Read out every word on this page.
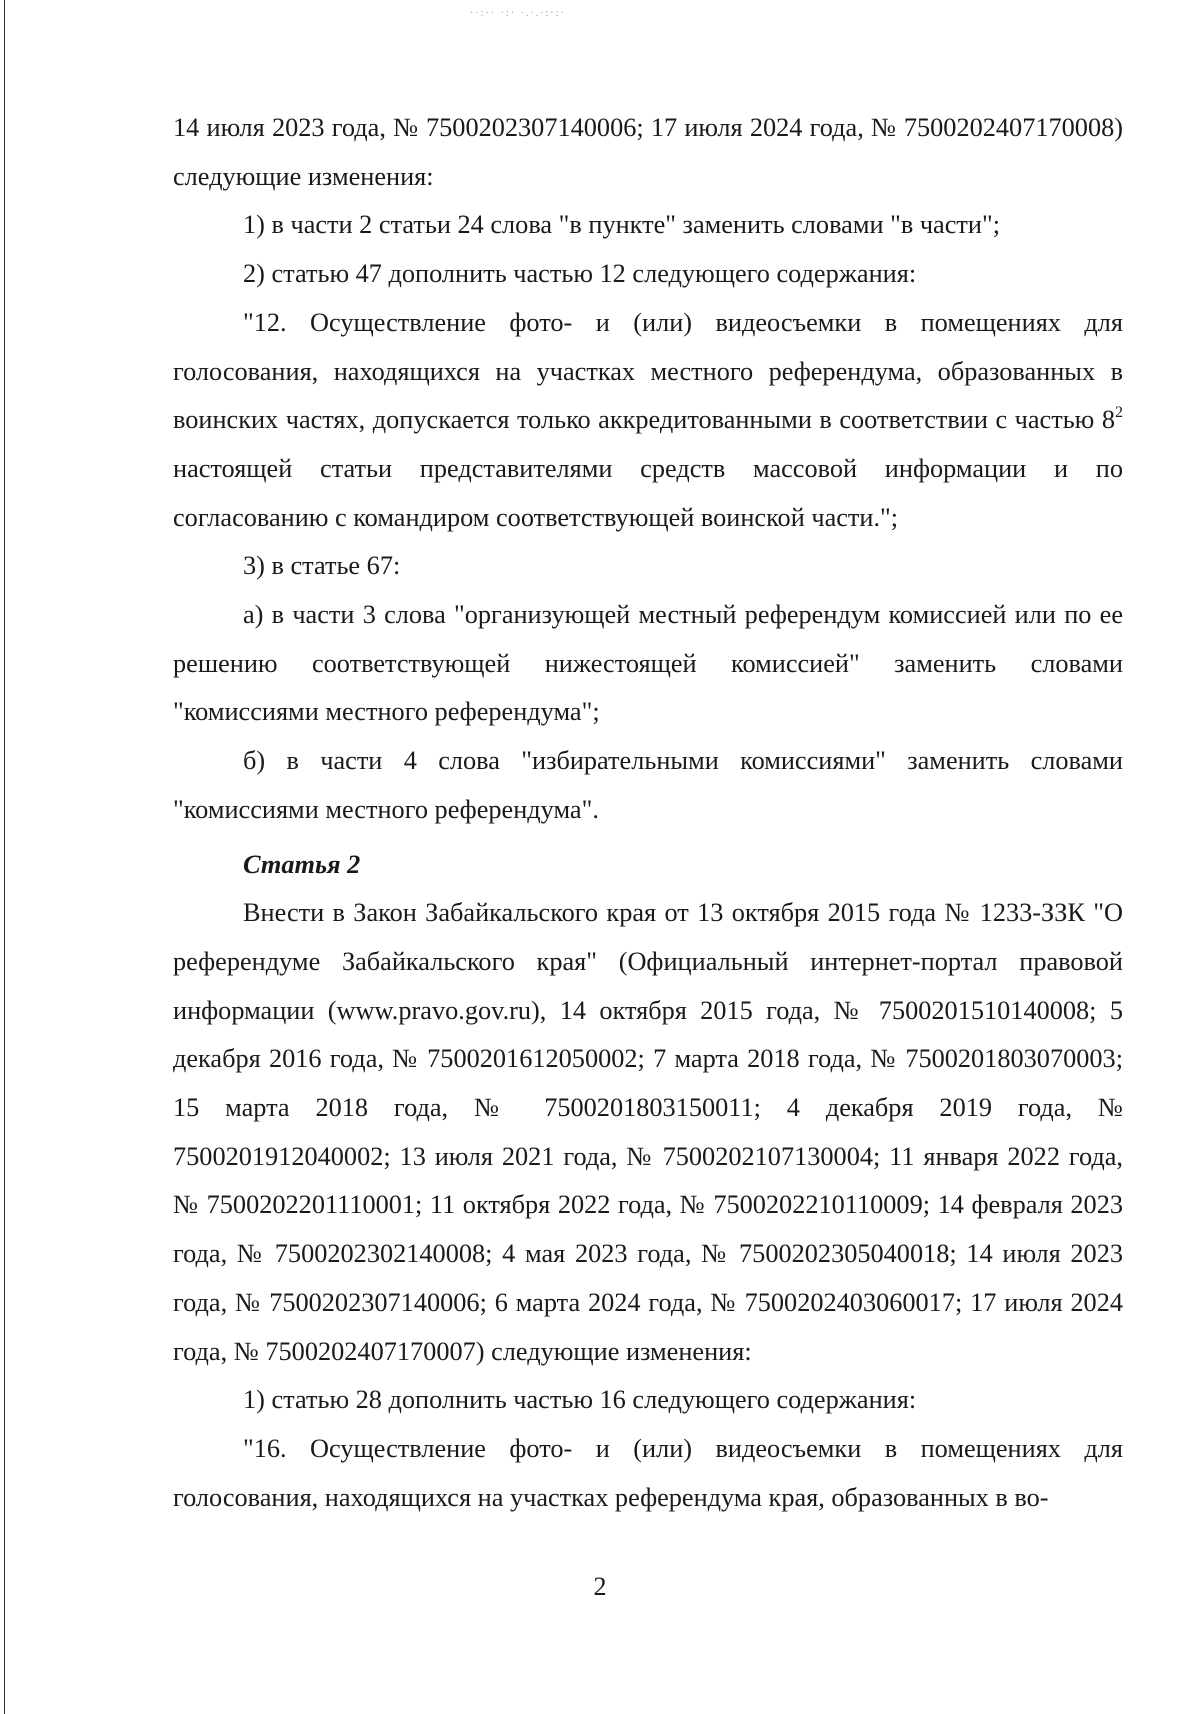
··ː·· ·:· ·.·.·:·:·

14 июля 2023 года, № 7500202307140006; 17 июля 2024 года, № 7500202407170008) следующие изменения:

1) в части 2 статьи 24 слова "в пункте" заменить словами "в части";

2) статью 47 дополнить частью 12 следующего содержания:

"12. Осуществление фото- и (или) видеосъемки в помещениях для голосования, находящихся на участках местного референдума, образованных в воинских частях, допускается только аккредитованными в соответствии с частью $8^2$ настоящей статьи представителями средств массовой информации и по согласованию с командиром соответствующей воинской части.";

3) в статье 67:

а) в части 3 слова "организующей местный референдум комиссией или по ее решению соответствующей нижестоящей комиссией" заменить словами "комиссиями местного референдума";

б) в части 4 слова "избирательными комиссиями" заменить словами "комиссиями местного референдума".

Статья 2

Внести в Закон Забайкальского края от 13 октября 2015 года № 1233-ЗЗК "О референдуме Забайкальского края" (Официальный интернет-портал правовой информации (www.pravo.gov.ru), 14 октября 2015 года, № 7500201510140008; 5 декабря 2016 года, № 7500201612050002; 7 марта 2018 года, № 7500201803070003; 15 марта 2018 года, № 7500201803150011; 4 декабря 2019 года, № 7500201912040002; 13 июля 2021 года, № 7500202107130004; 11 января 2022 года, № 7500202201110001; 11 октября 2022 года, № 7500202210110009; 14 февраля 2023 года, № 7500202302140008; 4 мая 2023 года, № 7500202305040018; 14 июля 2023 года, № 7500202307140006; 6 марта 2024 года, № 7500202403060017; 17 июля 2024 года, № 7500202407170007) следующие изменения:

1) статью 28 дополнить частью 16 следующего содержания:

"16. Осуществление фото- и (или) видеосъемки в помещениях для голосования, находящихся на участках референдума края, образованных в во-

2
